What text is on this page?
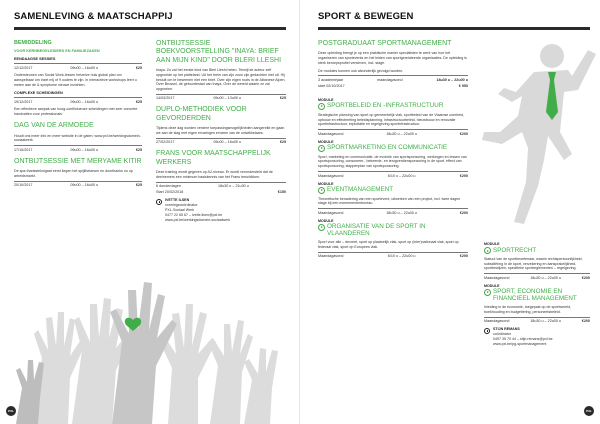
SAMENLEVING & MAATSCHAPPIJ
BEMIDDELING
VOOR KERNBEGELEIDERS EN FAMILIEZAKEN
EENDAAGSE SESSIES
12/12/2017	09u00 – 16u00 u	€25
Ondersteunen van Social Work-lessen hetzelve huis global plan om aanspelbaar om inzet mij of 9 ouders te zijn. In interactieve workshops leert u meten aan de & symptome nieuwe inzichten.
COMPLEXE SCHEIDINGEN
19/12/2017	09u00 – 16u00 u	€25
Een effectieve aanpak van hoog-conflictueuze scheidingen met zeer concrete handvatten voor professionals.
DAG VAN DE ARMOEDE
Houdt ons meer info en meer website in de gaten: www.pxl.be/werkingsdomein-sociaalwerk
17/10/2017	09u00 – 16u00 u	€25
ONTBIJTSESSIE MET MERYAME KITIR
De spa-thanksteknigaat eerst liegen het spijlibelarsen en doorthanks nu op arbeidsmarkt.
20/10/2017	09u00 – 16u00 u	€25
ONTBIJTSESSIE BOEKVOORSTELLING "INAYA: BRIEF AAN MIJN KIND" DOOR BLERI LLESHI
Inaya. Zo zal het eerste kind van Bleri Lleshi heten. Terwijl de auteur zelf opgroeide op het platteland. Uit het brein van zijn zoon zijn gedachten niet uit. Hij besluit om te beseenen niet een brief. Over zijn eigen roots in de Albanese Alpen. Over Brussel, de geboortestad van Inaya. Over de wereld waarin ze zal opgroeien.
14/03/2017	09u00 – 13u00 u	€25
DUPLO-METHODIEK VOOR GEVORDERDEN
Tijdens deze dag worden verdere toepassingsmogelijkheden aangereikt en gaan we aan de slag met eigen ervaringen ervaren van de ontwikkelaars.
27/02/2017	09u00 – 16u00 u	€25
FRANS VOOR MAATSCHAPPELIJK WERKERS
Deze training wordt gegeven op A2-niveau. Er wordt verondersteld dat de deelnemers een minimum basiskennis van het Frans beschikken.
6 donderdagen	18u30 u – 21u30 u
Start 20/02/2018	€150
IVETTE ILSEN
vormingscoördinator
PXL-Sociaal Werk
0477 22 65 67 – ivette.ilsen@pxl.be
www.pxl.be/werkingsdomein-sociaalwerk
PXL
SPORT & BEWEGEN
POSTGRADUAAT SPORTMANAGEMENT
Deze opleiding brengt je op een praktische manier specialisten te werk van hoe het organiseren van sportevents en het leiden van sportgerelateerde organisaties. De opleiding is sterk beroepsprofiel verweven, incl. stage.
De modules kunnen ook afzonderlijk gevolgd worden.
3 academiejaar	maandagavond	18u30 u – 22u00 u
start 02/10/2017	€ 950
MODULE
SPORTBELEID EN -INFRASTRUCTUUR
Strategische planning van sport op gemeentelijk vlak, sportbeleid van de Vlaamse overheid, opbouw en effectmeting beleidsplanning, infrastructuurbeleid, nieuwbouw en renovatie sportinfrastructuur, exploitatie en regelgeving sportinfrastructuur.
Maandagavond	18u30 u – 22u00 u	€200
MODULE
SPORTMARKETING EN COMMUNICATIE
Sport, marketing en communicatie, de evolutie van sportsponsoring, werkingen en lessen van sportsponsoring, consumeer-, bekeerde- en terugverdiensponsoring in de sport, effect van sportsponsoring, stappenplan van sportsponsoring.
Maandagavond	6/10 u – 22u00 u	€200
MODULE
EVENTMANAGEMENT
Theoretische benadering van een sportevent, uitwerken van een project, incl. twee dagen stage bij een evenementenbureau.
Maandagavond	18u30 u – 22u00 u	€200
MODULE
ORGANISATIE VAN DE SPORT IN VLAANDEREN
Sport voor alle – decreet, sport op plaatselijk vlak, sport op (inter)nationaal vlak, sport op federaal vlak, sport op Europees vlak.
Maandagavond	6/10 u – 22u00 u	€200
MODULE
SPORTRECHT
Statuut van de sportbeoefenaar, waarin rechtspersoonlijkheid, subsidiëring in de sport, verzekering en aansprakelijkheid, sportbewijzen, specifieke sportreglementen – regelgeving.
Maandagavond	18u30 u – 22u00 u	€200
MODULE
SPORT, ECONOMIE EN FINANCIEEL MANAGEMENT
Inleiding in de economie, toegepast op de sportwereld, boekhouding en budgettering, personeelsbeleid.
Maandagavond	18u30 u – 22u00 u	€200
STIJN REMANS
coördinator
0497 35 70 44 – stijn.remans@pxl.be
www.pxl.be/pg-sportmanagement
PXL
